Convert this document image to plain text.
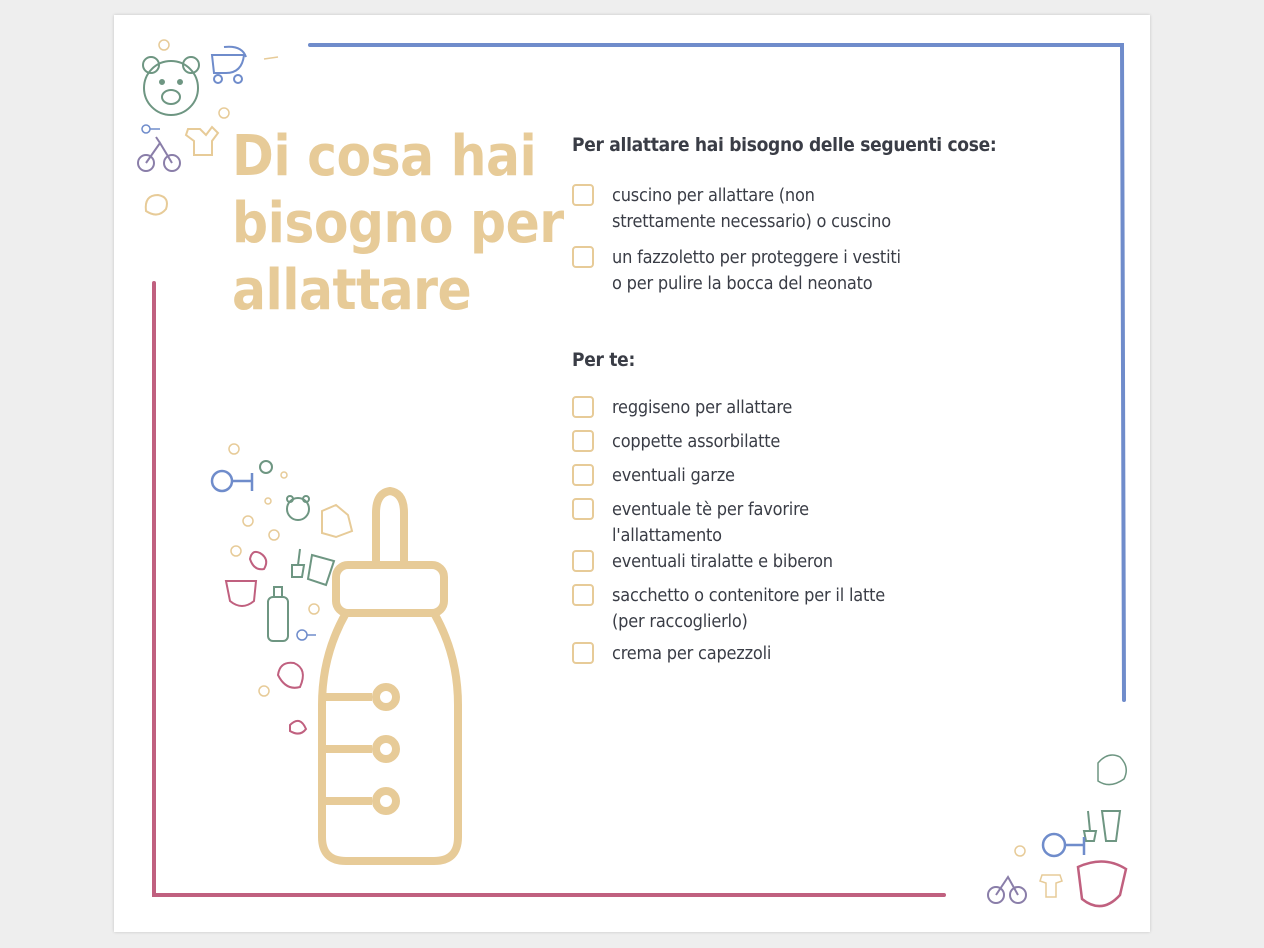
Di cosa hai
bisogno per
allattare
Per allattare hai bisogno delle seguenti cose:
cuscino per allattare (non
strettamente necessario) o cuscino
un fazzoletto per proteggere i vestiti
o per pulire la bocca del neonato
Per te:
reggiseno per allattare
coppette assorbilatte
eventuali garze
eventuale tè per favorire
l'allattamento
eventuali tiralatte e biberon
sacchetto o contenitore per il latte
(per raccoglierlo)
crema per capezzoli
